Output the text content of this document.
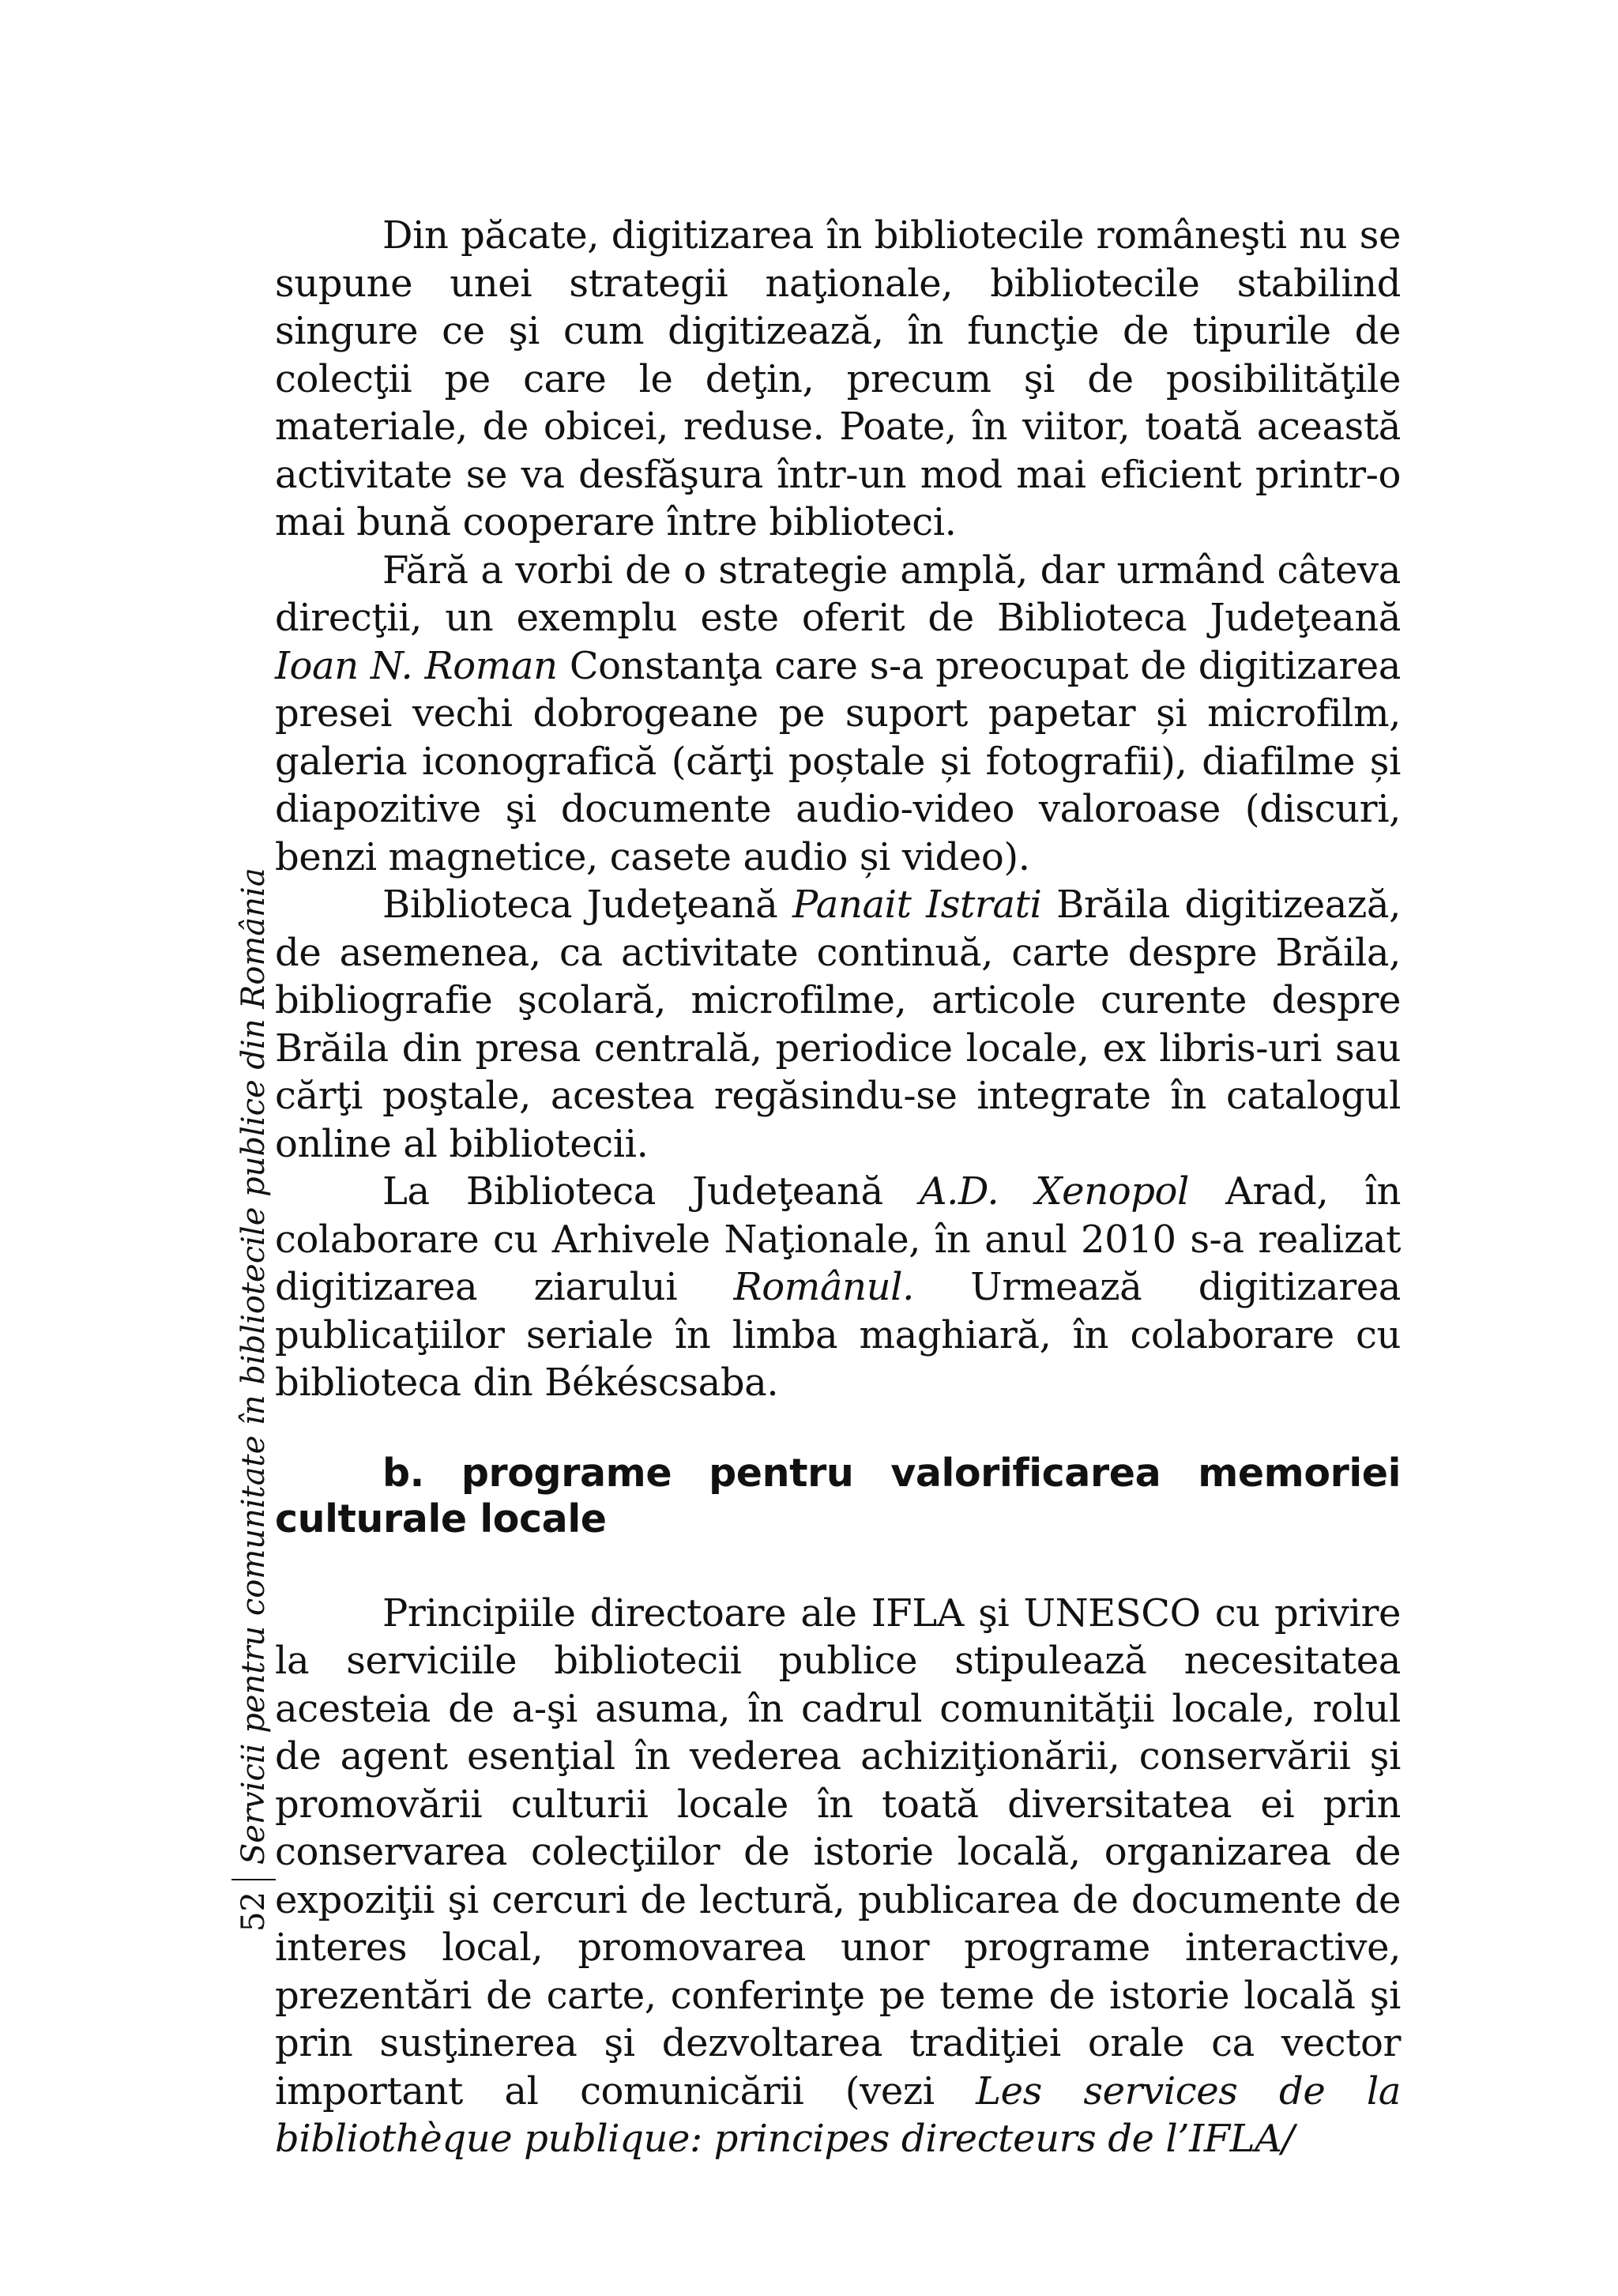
52
Servicii pentru comunitate în bibliotecile publice din România

Din păcate, digitizarea în bibliotecile româneşti nu se supune unei strategii naţionale, bibliotecile stabilind singure ce şi cum digitizează, în funcţie de tipurile de colecţii pe care le deţin, precum şi de posibilităţile materiale, de obicei, reduse. Poate, în viitor, toată această activitate se va desfăşura într-un mod mai eficient printr-o mai bună cooperare între biblioteci.

Fără a vorbi de o strategie amplă, dar urmând câteva direcţii, un exemplu este oferit de Biblioteca Judeţeană Ioan N. Roman Constanţa care s-a preocupat de digitizarea presei vechi dobrogeane pe suport papetar și microfilm, galeria iconografică (cărţi poștale și fotografii), diafilme și diapozitive şi documente audio-video valoroase (discuri, benzi magnetice, casete audio și video).

Biblioteca Judeţeană Panait Istrati Brăila digitizează, de asemenea, ca activitate continuă, carte despre Brăila, bibliografie şcolară, microfilme, articole curente despre Brăila din presa centrală, periodice locale, ex libris-uri sau cărţi poştale, acestea regăsindu-se integrate în catalogul online al bibliotecii.

La Biblioteca Judeţeană A.D. Xenopol Arad, în colaborare cu Arhivele Naţionale, în anul 2010 s-a realizat digitizarea ziarului Românul. Urmează digitizarea publicaţiilor seriale în limba maghiară, în colaborare cu biblioteca din Békéscsaba.

b. programe pentru valorificarea memoriei culturale locale

Principiile directoare ale IFLA şi UNESCO cu privire la serviciile bibliotecii publice stipulează necesitatea acesteia de a-şi asuma, în cadrul comunităţii locale, rolul de agent esenţial în vederea achiziţionării, conservării şi promovării culturii locale în toată diversitatea ei prin conservarea colecţiilor de istorie locală, organizarea de expoziţii şi cercuri de lectură, publicarea de documente de interes local, promovarea unor programe interactive, prezentări de carte, conferinţe pe teme de istorie locală şi prin susţinerea şi dezvoltarea tradiţiei orale ca vector important al comunicării (vezi Les services de la bibliothèque publique: principes directeurs de l’IFLA/
